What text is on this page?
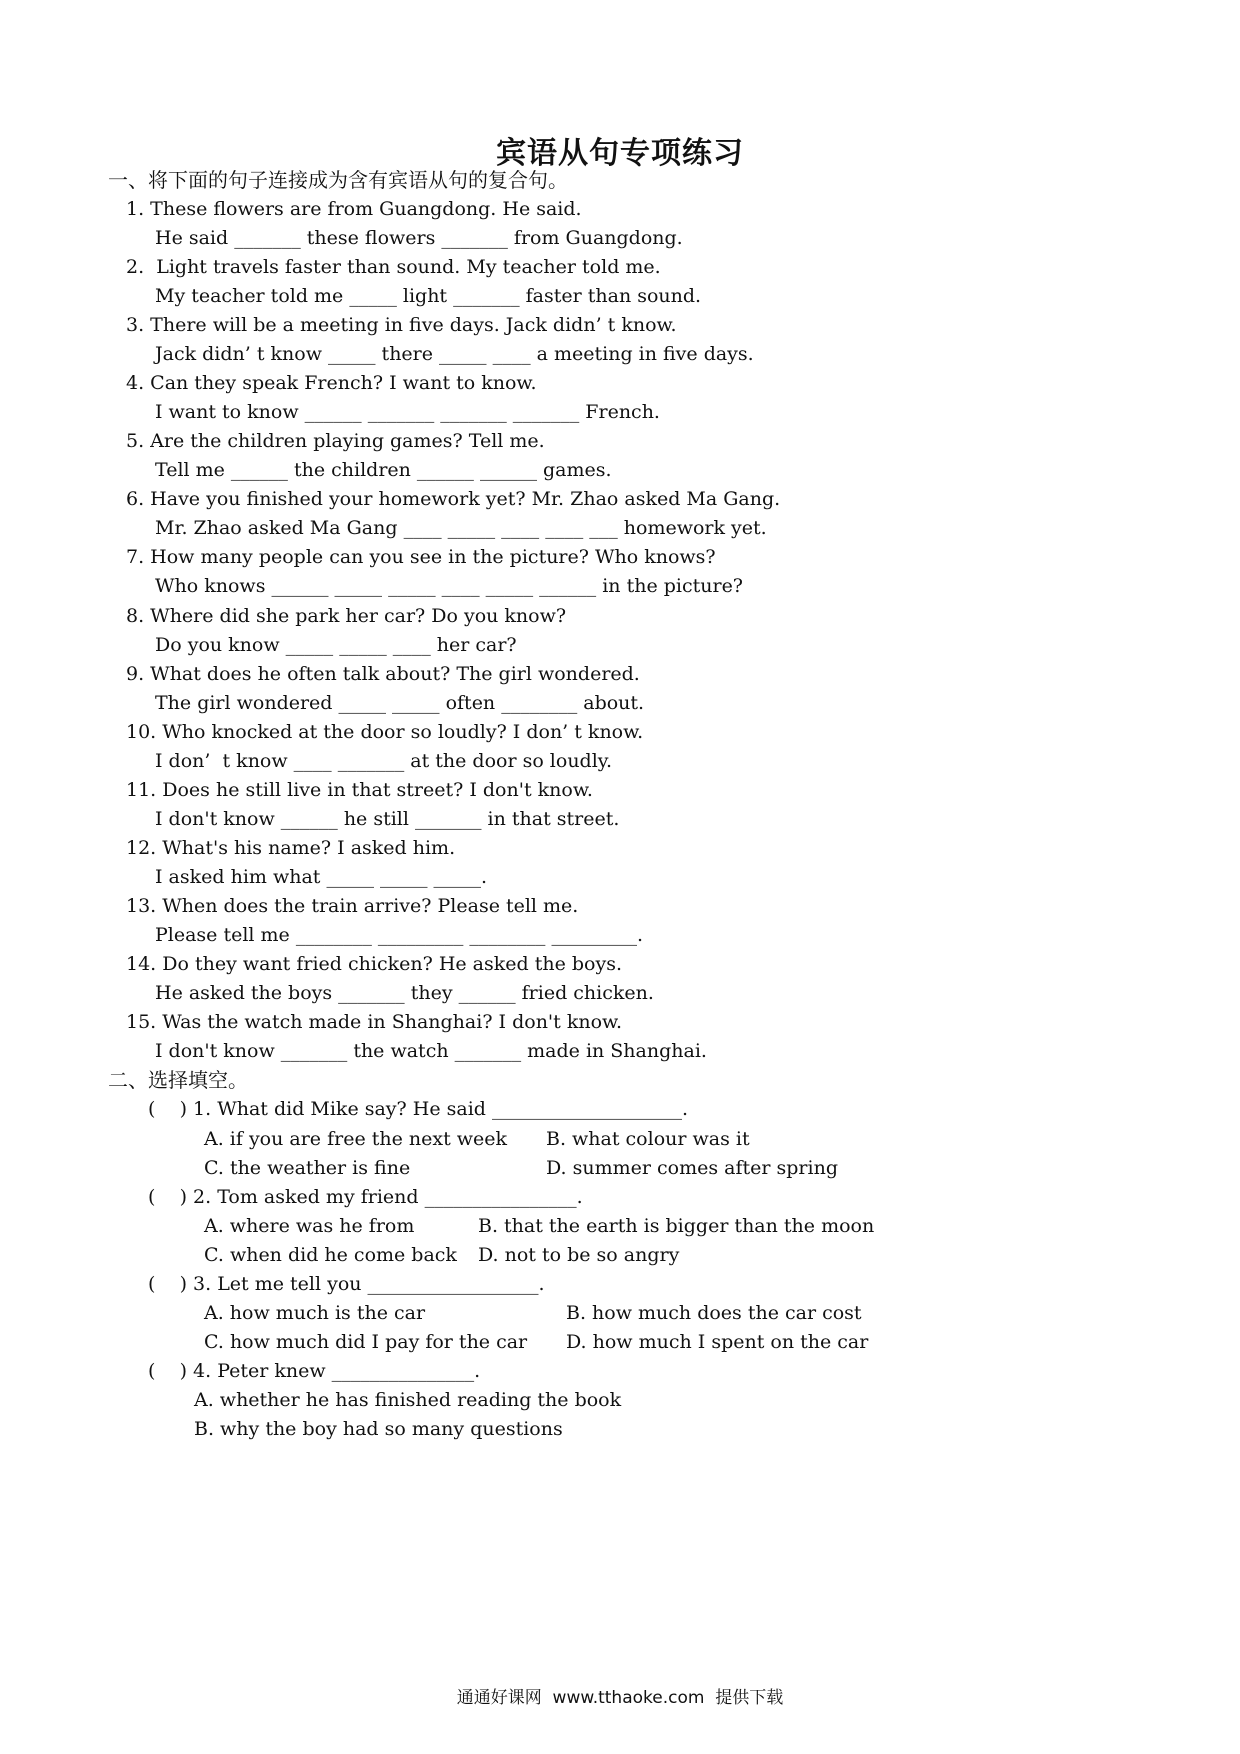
宾语从句专项练习
一、将下面的句子连接成为含有宾语从句的复合句。
1. These flowers are from Guangdong. He said.
He said _______ these flowers _______ from Guangdong.
2.  Light travels faster than sound. My teacher told me.
My teacher told me _____ light _______ faster than sound.
3. There will be a meeting in five days. Jack didn’ t know.
Jack didn’ t know _____ there _____ ____ a meeting in five days.
4. Can they speak French? I want to know.
I want to know ______ _______ _______ _______ French.
5. Are the children playing games? Tell me.
Tell me ______ the children ______ ______ games.
6. Have you finished your homework yet? Mr. Zhao asked Ma Gang.
Mr. Zhao asked Ma Gang ____ _____ ____ ____ ___ homework yet.
7. How many people can you see in the picture? Who knows?
Who knows ______ _____ _____ ____ _____ ______ in the picture?
8. Where did she park her car? Do you know?
Do you know _____ _____ ____ her car?
9. What does he often talk about? The girl wondered.
The girl wondered _____ _____ often ________ about.
10. Who knocked at the door so loudly? I don’ t know.
I don’  t know ____ _______ at the door so loudly.
11. Does he still live in that street? I don't know.
I don't know ______ he still _______ in that street.
12. What's his name? I asked him.
I asked him what _____ _____ _____.
13. When does the train arrive? Please tell me.
Please tell me ________ _________ ________ _________.
14. Do they want fried chicken? He asked the boys.
He asked the boys _______ they ______ fried chicken.
15. Was the watch made in Shanghai? I don't know.
I don't know _______ the watch _______ made in Shanghai.
二、选择填空。
(    ) 1. What did Mike say? He said ____________________.
A. if you are free the next week B. what colour was it
C. the weather is fine	D. summer comes after spring
(    ) 2. Tom asked my friend ________________.
A. where was he from	B. that the earth is bigger than the moon
C. when did he come back D. not to be so angry
(    ) 3. Let me tell you __________________.
A. how much is the car	B. how much does the car cost
C. how much did I pay for the car D. how much I spent on the car
(    ) 4. Peter knew _______________.
A. whether he has finished reading the book
B. why the boy had so many questions
通通好课网  www.tthaoke.com  提供下载
